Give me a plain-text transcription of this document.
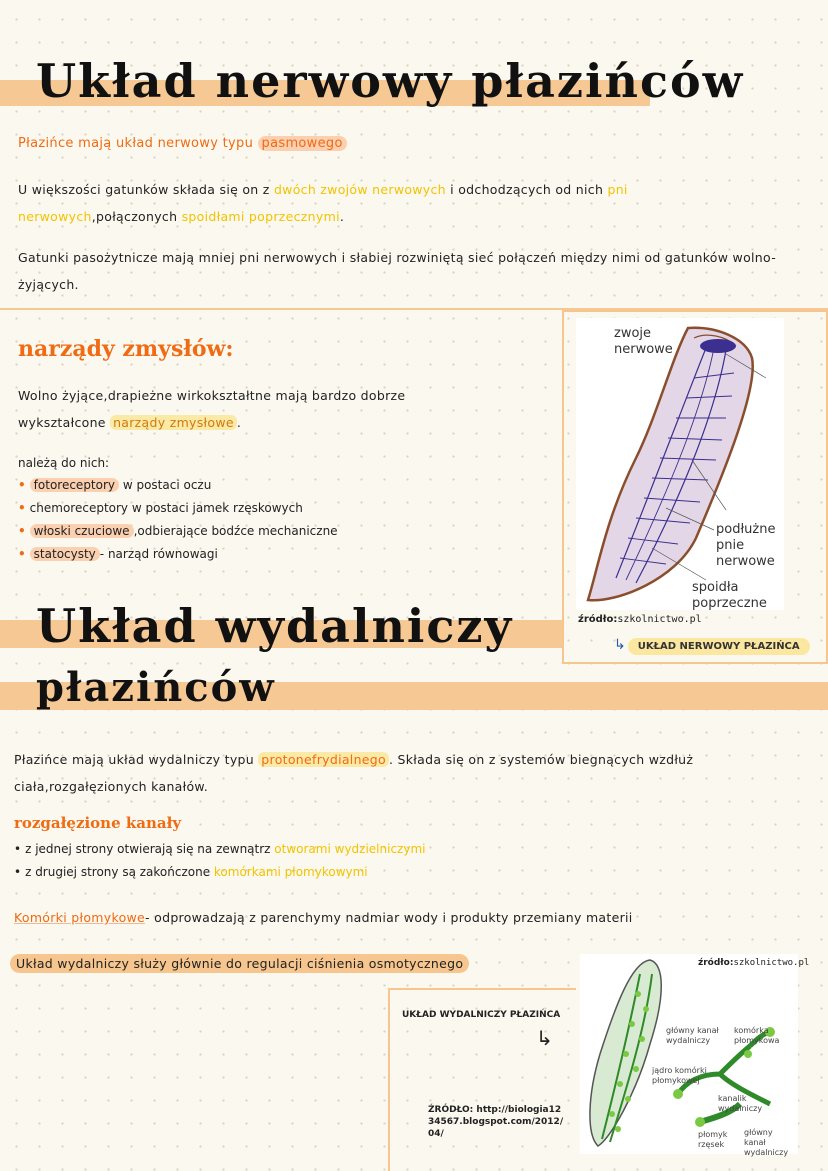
Układ nerwowy płazińców
Płazińce mają układ nerwowy typu pasmowego
U większości gatunków składa się on z dwóch zwojów nerwowych i odchodzących od nich pni nerwowych,połączonych spoidłami poprzecznymi.
Gatunki pasożytnicze mają mniej pni nerwowych i słabiej rozwiniętą sieć połączeń między nimi od gatunków wolno-żyjących.
narządy zmysłów:
Wolno żyjące,drapieżne wirkokształtne mają bardzo dobrze wykształcone narządy zmysłowe .
należą do nich:
• fotoreceptory w postaci oczu
• chemoreceptory w postaci jamek rzęskowych
• włoski czuciowe ,odbierające bodźce mechaniczne
• statocysty - narząd równowagi
zwoje nerwowe
podłużne pnie nerwowe
spoidła poprzeczne
źródło:szkolnictwo.pl
↳ UKŁAD NERWOWY PŁAZIŃCA
Układ wydalniczy
płazińców
Płazińce mają układ wydalniczy typu protonefrydialnego . Składa się on z systemów biegnących wzdłuż ciała,rozgałęzionych kanałów.
rozgałęzione kanały
• z jednej strony otwierają się na zewnątrz otworami wydzielniczymi
• z drugiej strony są zakończone komórkami płomykowymi
Komórki płomykowe- odprowadzają z parenchymy nadmiar wody i produkty przemiany materii
Układ wydalniczy służy głównie do regulacji ciśnienia osmotycznego
UKŁAD WYDALNICZY PŁAZIŃCA
↳
ŹRÓDŁO: http://biologia1234567.blogspot.com/2012/04/
źródło:szkolnictwo.pl
główny kanał wydalniczy
komórka płomykowa
jądro komórki płomykowej
kanalik wydalniczy
płomyk rzęsek
główny kanał wydalniczy
